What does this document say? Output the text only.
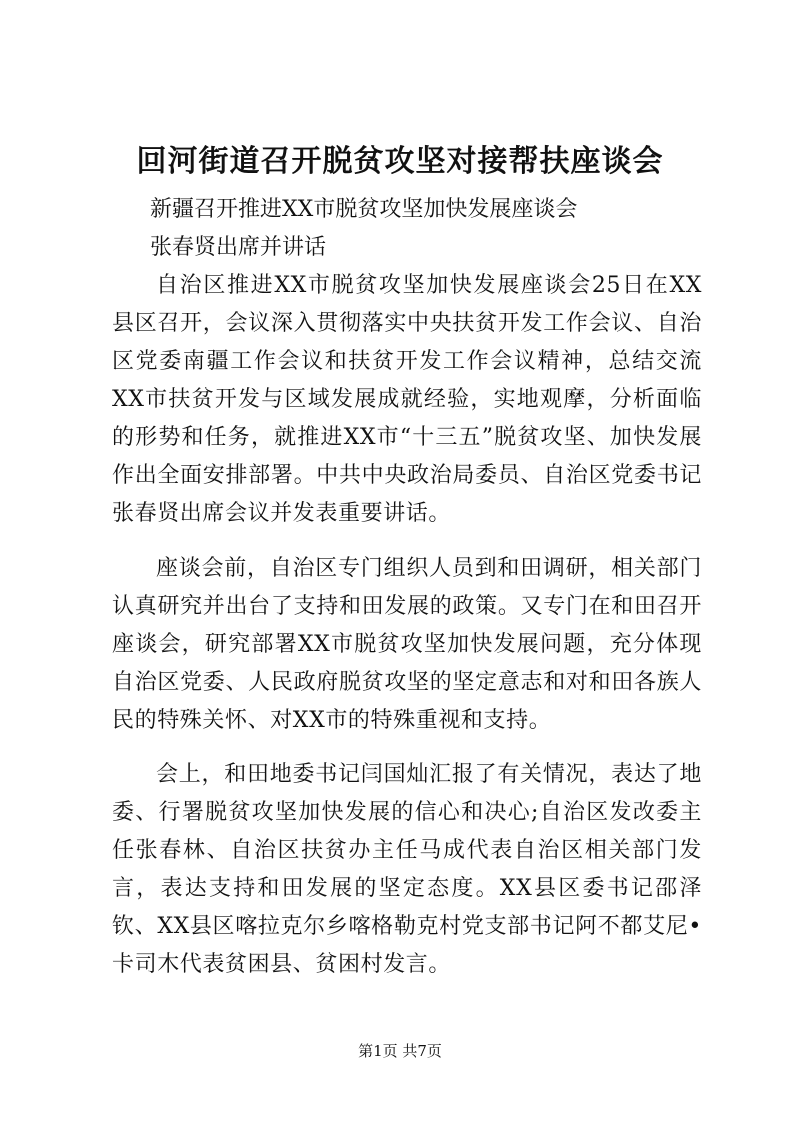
回河街道召开脱贫攻坚对接帮扶座谈会

新疆召开推进XX市脱贫攻坚加快发展座谈会

张春贤出席并讲话

自治区推进XX市脱贫攻坚加快发展座谈会25日在XX县区召开，会议深入贯彻落实中央扶贫开发工作会议、自治区党委南疆工作会议和扶贫开发工作会议精神，总结交流XX市扶贫开发与区域发展成就经验，实地观摩，分析面临的形势和任务，就推进XX市“十三五”脱贫攻坚、加快发展作出全面安排部署。中共中央政治局委员、自治区党委书记张春贤出席会议并发表重要讲话。

座谈会前，自治区专门组织人员到和田调研，相关部门认真研究并出台了支持和田发展的政策。又专门在和田召开座谈会，研究部署XX市脱贫攻坚加快发展问题，充分体现自治区党委、人民政府脱贫攻坚的坚定意志和对和田各族人民的特殊关怀、对XX市的特殊重视和支持。

会上，和田地委书记闫国灿汇报了有关情况，表达了地委、行署脱贫攻坚加快发展的信心和决心;自治区发改委主任张春林、自治区扶贫办主任马成代表自治区相关部门发言，表达支持和田发展的坚定态度。XX县区委书记邵泽钦、XX县区喀拉克尔乡喀格勒克村党支部书记阿不都艾尼•卡司木代表贫困县、贫困村发言。

第1页 共7页
